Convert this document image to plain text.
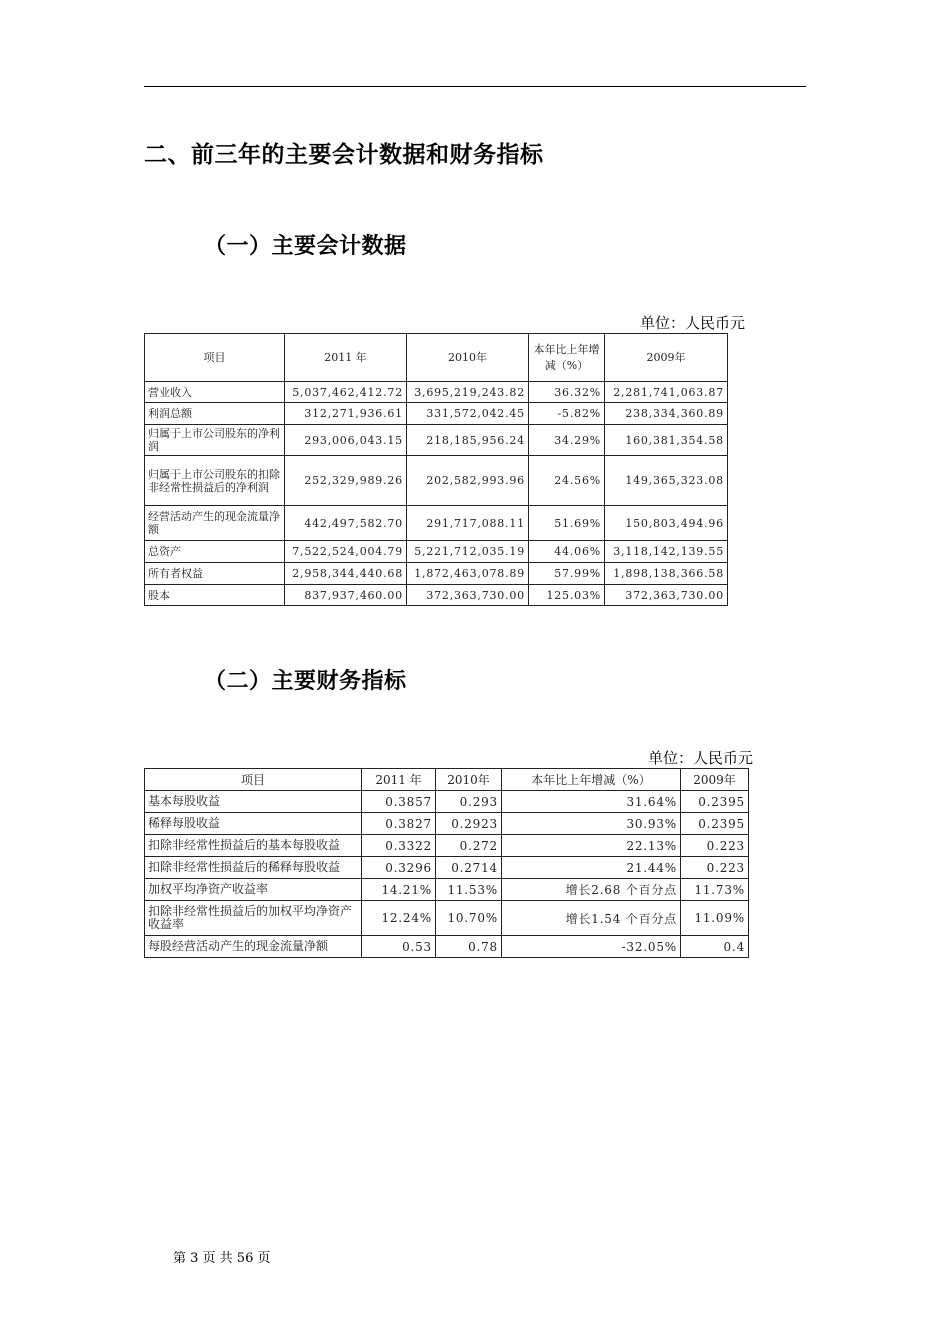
二、前三年的主要会计数据和财务指标
（一）主要会计数据
单位：人民币元
项目	2011 年	2010年	本年比上年增减（%）	2009年
营业收入	5,037,462,412.72	3,695,219,243.82	36.32%	2,281,741,063.87
利润总额	312,271,936.61	331,572,042.45	-5.82%	238,334,360.89
归属于上市公司股东的净利润	293,006,043.15	218,185,956.24	34.29%	160,381,354.58
归属于上市公司股东的扣除非经常性损益后的净利润	252,329,989.26	202,582,993.96	24.56%	149,365,323.08
经营活动产生的现金流量净额	442,497,582.70	291,717,088.11	51.69%	150,803,494.96
总资产	7,522,524,004.79	5,221,712,035.19	44.06%	3,118,142,139.55
所有者权益	2,958,344,440.68	1,872,463,078.89	57.99%	1,898,138,366.58
股本	837,937,460.00	372,363,730.00	125.03%	372,363,730.00
（二）主要财务指标
单位：人民币元
项目	2011 年	2010年	本年比上年增减（%）	2009年
基本每股收益	0.3857	0.293	31.64%	0.2395
稀释每股收益	0.3827	0.2923	30.93%	0.2395
扣除非经常性损益后的基本每股收益	0.3322	0.272	22.13%	0.223
扣除非经常性损益后的稀释每股收益	0.3296	0.2714	21.44%	0.223
加权平均净资产收益率	14.21%	11.53%	增长2.68 个百分点	11.73%
扣除非经常性损益后的加权平均净资产收益率	12.24%	10.70%	增长1.54 个百分点	11.09%
每股经营活动产生的现金流量净额	0.53	0.78	-32.05%	0.4
第 3 页 共 56 页
